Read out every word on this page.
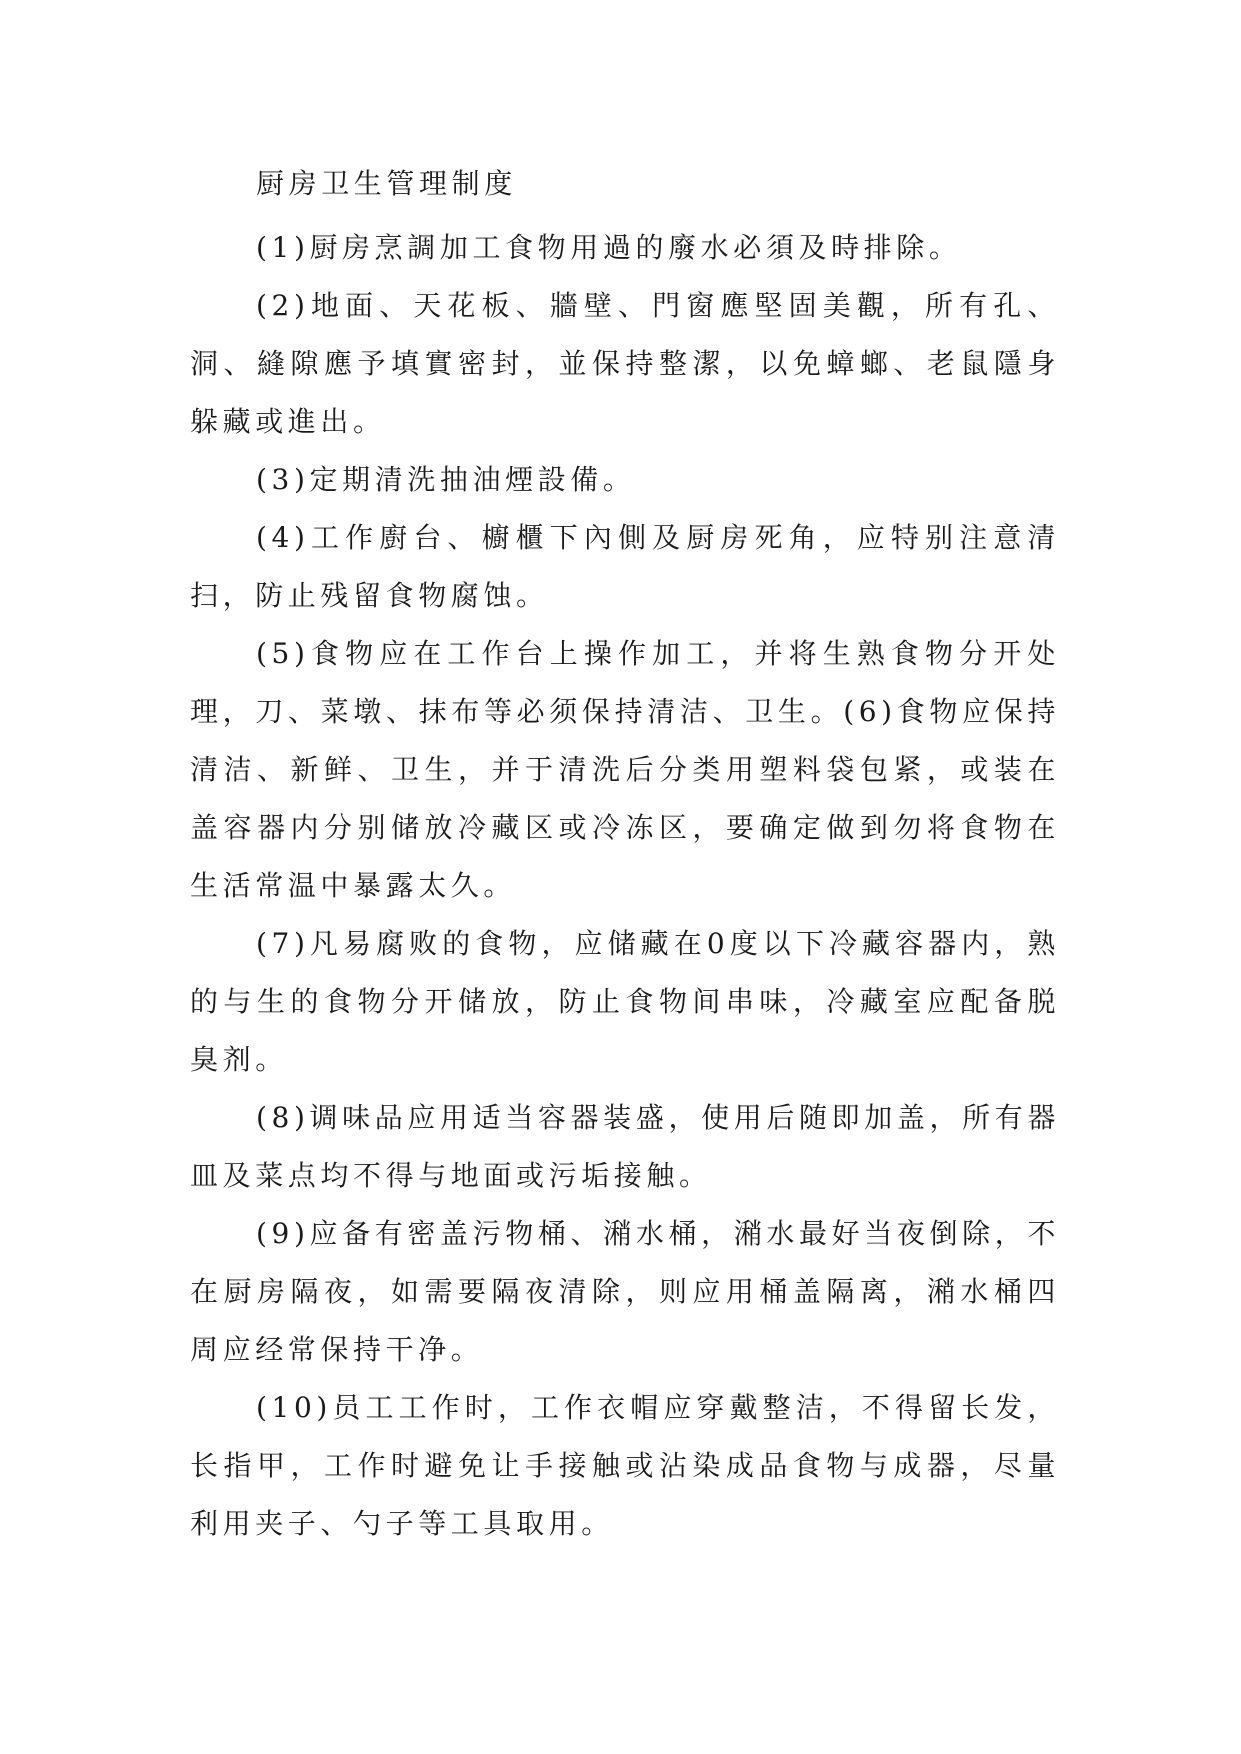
厨房卫生管理制度

(1)厨房烹調加工食物用過的廢水必須及時排除。

(2)地面、天花板、牆壁、門窗應堅固美觀，所有孔、洞、縫隙應予填實密封，並保持整潔，以免蟑螂、老鼠隱身躲藏或進出。

(3)定期清洗抽油煙設備。

(4)工作廚台、櫥櫃下內側及厨房死角，应特别注意清扫，防止残留食物腐蚀。

(5)食物应在工作台上操作加工，并将生熟食物分开处理，刀、菜墩、抹布等必须保持清洁、卫生。(6)食物应保持清洁、新鲜、卫生，并于清洗后分类用塑料袋包紧，或装在盖容器内分别储放冷藏区或冷冻区，要确定做到勿将食物在生活常温中暴露太久。

(7)凡易腐败的食物，应储藏在0度以下冷藏容器内，熟的与生的食物分开储放，防止食物间串味，冷藏室应配备脱臭剂。

(8)调味品应用适当容器装盛，使用后随即加盖，所有器皿及菜点均不得与地面或污垢接触。

(9)应备有密盖污物桶、潲水桶，潲水最好当夜倒除，不在厨房隔夜，如需要隔夜清除，则应用桶盖隔离，潲水桶四周应经常保持干净。

(10)员工工作时，工作衣帽应穿戴整洁，不得留长发，长指甲，工作时避免让手接触或沾染成品食物与成器，尽量利用夹子、勺子等工具取用。
